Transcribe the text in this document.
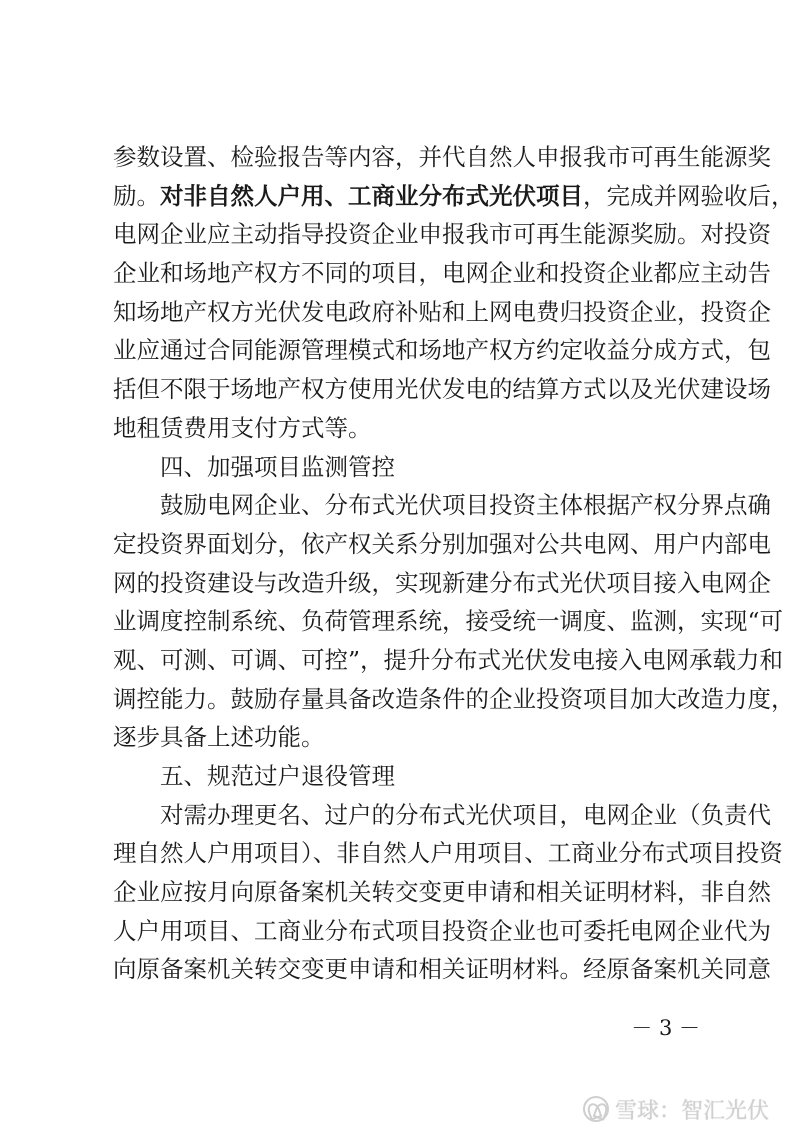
参数设置、检验报告等内容，并代自然人申报我市可再生能源奖
励。对非自然人户用、工商业分布式光伏项目，完成并网验收后，
电网企业应主动指导投资企业申报我市可再生能源奖励。对投资
企业和场地产权方不同的项目，电网企业和投资企业都应主动告
知场地产权方光伏发电政府补贴和上网电费归投资企业，投资企
业应通过合同能源管理模式和场地产权方约定收益分成方式，包
括但不限于场地产权方使用光伏发电的结算方式以及光伏建设场
地租赁费用支付方式等。
四、加强项目监测管控
鼓励电网企业、分布式光伏项目投资主体根据产权分界点确
定投资界面划分，依产权关系分别加强对公共电网、用户内部电
网的投资建设与改造升级，实现新建分布式光伏项目接入电网企
业调度控制系统、负荷管理系统，接受统一调度、监测，实现“可
观、可测、可调、可控”，提升分布式光伏发电接入电网承载力和
调控能力。鼓励存量具备改造条件的企业投资项目加大改造力度，
逐步具备上述功能。
五、规范过户退役管理
对需办理更名、过户的分布式光伏项目，电网企业（负责代
理自然人户用项目）、非自然人户用项目、工商业分布式项目投资
企业应按月向原备案机关转交变更申请和相关证明材料，非自然
人户用项目、工商业分布式项目投资企业也可委托电网企业代为
向原备案机关转交变更申请和相关证明材料。经原备案机关同意
－ 3 －
雪球：智汇光伏
